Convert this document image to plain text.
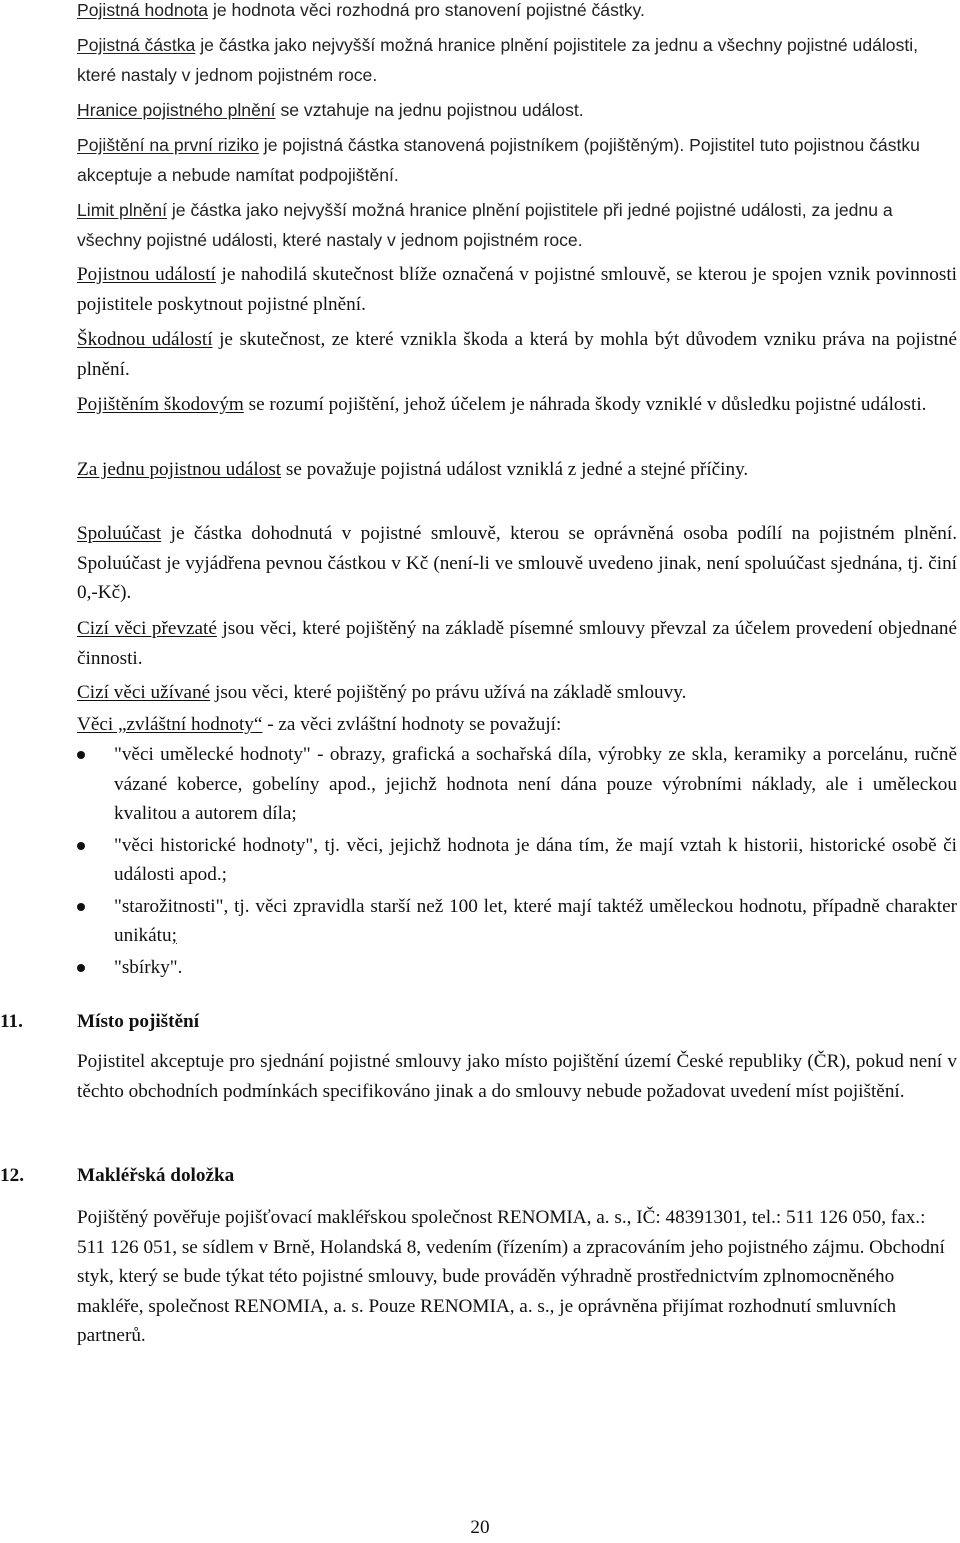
Pojistná hodnota je hodnota věci rozhodná pro stanovení pojistné částky.

Pojistná částka je částka jako nejvyšší možná hranice plnění pojistitele za jednu a všechny pojistné události, které nastaly v jednom pojistném roce.

Hranice pojistného plnění se vztahuje na jednu pojistnou událost.

Pojištění na první riziko je pojistná částka stanovená pojistníkem (pojištěným). Pojistitel tuto pojistnou částku akceptuje a nebude namítat podpojištění.

Limit plnění je částka jako nejvyšší možná hranice plnění pojistitele při jedné pojistné události, za jednu a všechny pojistné události, které nastaly v jednom pojistném roce.

Pojistnou událostí je nahodilá skutečnost blíže označená v pojistné smlouvě, se kterou je spojen vznik povinnosti pojistitele poskytnout pojistné plnění.

Škodnou událostí je skutečnost, ze které vznikla škoda a která by mohla být důvodem vzniku práva na pojistné plnění.

Pojištěním škodovým se rozumí pojištění, jehož účelem je náhrada škody vzniklé v důsledku pojistné události.

Za jednu pojistnou událost se považuje pojistná událost vzniklá z jedné a stejné příčiny.

Spoluúčast je částka dohodnutá v pojistné smlouvě, kterou se oprávněná osoba podílí na pojistném plnění. Spoluúčast je vyjádřena pevnou částkou v Kč (není-li ve smlouvě uvedeno jinak, není spoluúčast sjednána, tj. činí 0,-Kč).

Cizí věci převzaté jsou věci, které pojištěný na základě písemné smlouvy převzal za účelem provedení objednané činnosti.

Cizí věci užívané jsou věci, které pojištěný po právu užívá na základě smlouvy.

Věci „zvláštní hodnoty“ - za věci zvláštní hodnoty se považují:

"věci umělecké hodnoty" - obrazy, grafická a sochařská díla, výrobky ze skla, keramiky a porcelánu, ručně vázané koberce, gobelíny apod., jejichž hodnota není dána pouze výrobními náklady, ale i uměleckou kvalitou a autorem díla;
"věci historické hodnoty", tj. věci, jejichž hodnota je dána tím, že mají vztah k historii, historické osobě či události apod.;
"starožitnosti", tj. věci zpravidla starší než 100 let, které mají taktéž uměleckou hodnotu, případně charakter unikátu;
"sbírky".
11.	Místo pojištění

Pojistitel akceptuje pro sjednání pojistné smlouvy jako místo pojištění území České republiky (ČR), pokud není v těchto obchodních podmínkách specifikováno jinak a do smlouvy nebude požadovat uvedení míst pojištění.

12.	Makléřská doložka

Pojištěný pověřuje pojišťovací makléřskou společnost RENOMIA, a. s., IČ: 48391301, tel.: 511 126 050, fax.: 511 126 051, se sídlem v Brně, Holandská 8, vedením (řízením) a zpracováním jeho pojistného zájmu. Obchodní styk, který se bude týkat této pojistné smlouvy, bude prováděn výhradně prostřednictvím zplnomocněného makléře, společnost RENOMIA, a. s. Pouze RENOMIA, a. s., je oprávněna přijímat rozhodnutí smluvních partnerů.

20
